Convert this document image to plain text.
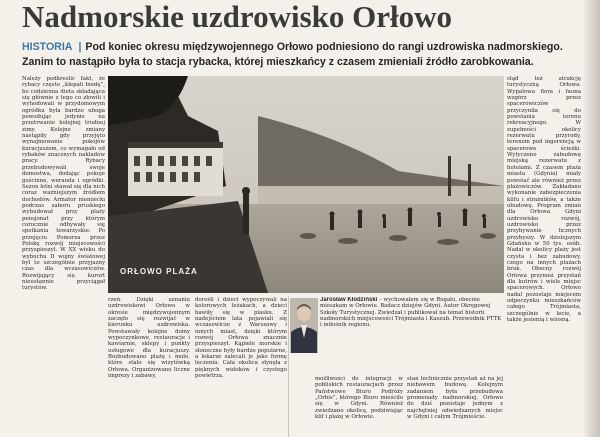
Nadmorskie uzdrowisko Orłowo

HISTORIA | Pod koniec okresu międzywojennego Orłowo podniesiono do rangi uzdrowiska nadmorskiego. Zanim to nastąpiło była to stacja rybacka, której mieszkańcy z czasem zmieniali źródło zarobkowania.

Należy podkreślić fakt, że rybacy często „klepali biedę”, bo codzienna dieta składająca się głównie z tego co złowili i wyhodowali w przydomowym ogródku była bardzo uboga powodując jedynie na przetrwanie kolejnej trudnej zimy. Kolejne zmiany nastąpiły gdy przyjęto wynajmowanie pokojów kuracjuszom, co wymagało od rybaków znacznych nakładów pracy. Rybacy przebudowywali swoje domostwa, dodając pokoje gościnne, weranda i ogródki. Sezon letni stawał się dla nich coraz ważniejszym źródłem dochodów. Armator niemiecki podczas zaboru pruskiego wybudował przy plaży pensjonat przy którym corocznie odbywały się spotkania towarzyskie. Po przejęciu Pomorza przez Polskę rozwój miejscowości przyspieszył. W XX wieku do wybuchu II wojny światowej był to szczególnie przyjazny czas dla wczasowiczów. Rozwijający się kurort nieustannie przyciągał turystów.
ORŁOWO PLAŻA
rzeń. Dzięki uznaniu uzdrowiskowi Orłowo w okresie międzywojennym zaczęło się rozwijać w kierunku uzdrowiska. Powstawały kolejne domy wypoczynkowe, restauracje i kawiarnie, sklepy i punkty usługowe dla kuracjuszy. Rozbudowano plażę i molo, które stało się wizytówką Orłowa. Organizowano liczne imprezy i zabawy.
dorośli i dzieci wypoczywali na kolorowych leżakach, a dzieci bawiły się w piasku. Z nadejściem lata pojawiali się wczasowicze z Warszawy i innych miast, dzięki którym rozwój Orłowa znacznie przyspieszył. Kąpiele morskie i słoneczne były bardzo popularne, a lekarze zalecali je jako formę leczenia. Cała okolica słynęła z pięknych widoków i czystego powietrza.
Jarosław Kłodziński – wychowałem się w Rogalu, obecnie mieszkam w Orłowie. Badacz dziejów Gdyni. Autor Okręgowej Szkoły Turystycznej. Zwiedzał i publikował na temat historii nadmorskich miejscowości Trójmiasta i Kaszub. Przewodnik PTTK i miłośnik regionu.
możliwości do integracji w pobliskich restauracjach przez Państwowe Biuro Podróży „Orbis”, którego Biuro mieściło się w Gdyni. Również zwiedzano okolicę, podziwiając klif i plażę w Orłowie.
stan technicznie przystań aż na jej niebawem budowę. Kolejnym zadaniem była przebudowa promenady nadmorskiej. Orłowo do dziś pozostaje jednym z najchętniej odwiedzanych miejsc w Gdyni i całym Trójmieście.
stąd też atrakcję turystyczną Orłowa. Wypalowa flora i fauna wzgórz przez spacerowiczów przyczyniła się do powstania terenu rekreacyjnego. W zupełności okolicy rezerwatu przyrody, terenem pod ingerencją w spacerowe ścieżki. Wytyczono zabudowę miejską rezerwatu z hotelami. Z czasem plaża miasta (Gdynia) miały powstać ale również przez plażowiczów. Zakładano wykonanie zabezpieczenia klifu i strażników, a także obudowę. Program zmian dla Orłowa Gdyni uzdrowisko rozwój, uzdrowisko przez przybywanie licznych przybyszy. W dzisiejszym Gdańsku w 50 tys. osób. Nadal w okolicy plaży jest czysta i bez zabudowy, czego na innych plażach brak. Obecny rozwój Orłowa przynosi przystań dla kutrów i wiele miejsc spacerowych. Orłowo nadal pozostaje miejscem odpoczynku mieszkańców całego Trójmiasta, szczególnie w lecie, a także jesienią i wiosną.
